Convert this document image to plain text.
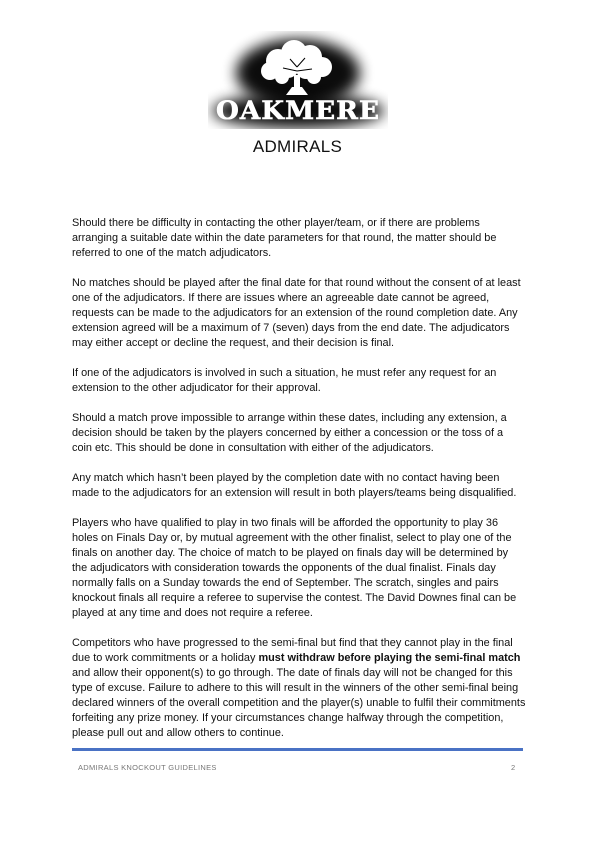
OAKMERE
ADMIRALS

Should there be difficulty in contacting the other player/team, or if there are problems arranging a suitable date within the date parameters for that round, the matter should be referred to one of the match adjudicators.

No matches should be played after the final date for that round without the consent of at least one of the adjudicators. If there are issues where an agreeable date cannot be agreed, requests can be made to the adjudicators for an extension of the round completion date. Any extension agreed will be a maximum of 7 (seven) days from the end date. The adjudicators may either accept or decline the request, and their decision is final.

If one of the adjudicators is involved in such a situation, he must refer any request for an extension to the other adjudicator for their approval.

Should a match prove impossible to arrange within these dates, including any extension, a decision should be taken by the players concerned by either a concession or the toss of a coin etc. This should be done in consultation with either of the adjudicators.

Any match which hasn’t been played by the completion date with no contact having been made to the adjudicators for an extension will result in both players/teams being disqualified.

Players who have qualified to play in two finals will be afforded the opportunity to play 36 holes on Finals Day or, by mutual agreement with the other finalist, select to play one of the finals on another day. The choice of match to be played on finals day will be determined by the adjudicators with consideration towards the opponents of the dual finalist. Finals day normally falls on a Sunday towards the end of September. The scratch, singles and pairs knockout finals all require a referee to supervise the contest. The David Downes final can be played at any time and does not require a referee.

Competitors who have progressed to the semi-final but find that they cannot play in the final due to work commitments or a holiday must withdraw before playing the semi-final match and allow their opponent(s) to go through. The date of finals day will not be changed for this type of excuse. Failure to adhere to this will result in the winners of the other semi-final being declared winners of the overall competition and the player(s) unable to fulfil their commitments forfeiting any prize money. If your circumstances change halfway through the competition, please pull out and allow others to continue.

ADMIRALS KNOCKOUT GUIDELINES	2
